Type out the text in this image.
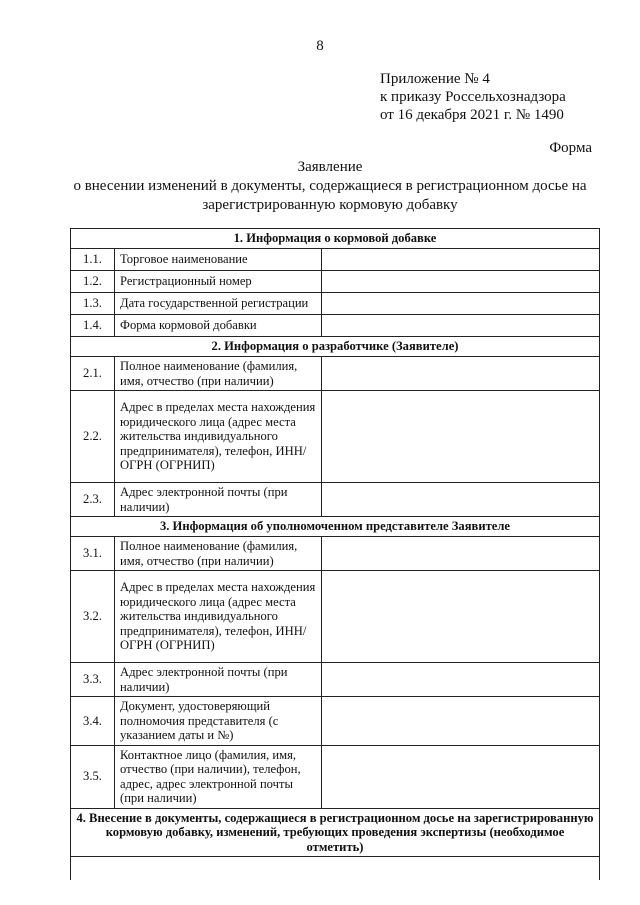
8
Приложение № 4
к приказу Россельхознадзора
от 16 декабря 2021 г. № 1490
Форма
Заявление
о внесении изменений в документы, содержащиеся в регистрационном досье на
зарегистрированную кормовую добавку
1. Информация о кормовой добавке		
1.1.	Торговое наименование	
1.2.	Регистрационный номер	
1.3.	Дата государственной регистрации	
1.4.	Форма кормовой добавки	
2. Информация о разработчике (Заявителе)		
2.1.	Полное наименование (фамилия, имя, отчество (при наличии)	
2.2.	Адрес в пределах места нахождения юридического лица (адрес места жительства индивидуального предпринимателя), телефон, ИНН/ОГРН (ОГРНИП)	
2.3.	Адрес электронной почты (при наличии)	
3. Информация об уполномоченном представителе Заявителе		
3.1.	Полное наименование (фамилия, имя, отчество (при наличии)	
3.2.	Адрес в пределах места нахождения юридического лица (адрес места жительства индивидуального предпринимателя), телефон, ИНН/ОГРН (ОГРНИП)	
3.3.	Адрес электронной почты (при наличии)	
3.4.	Документ, удостоверяющий полномочия представителя (с указанием даты и №)	
3.5.	Контактное лицо (фамилия, имя, отчество (при наличии), телефон, адрес, адрес электронной почты (при наличии)	
4. Внесение в документы, содержащиеся в регистрационном досье на зарегистрированную кормовую добавку, изменений, требующих проведения экспертизы (необходимое отметить)		
